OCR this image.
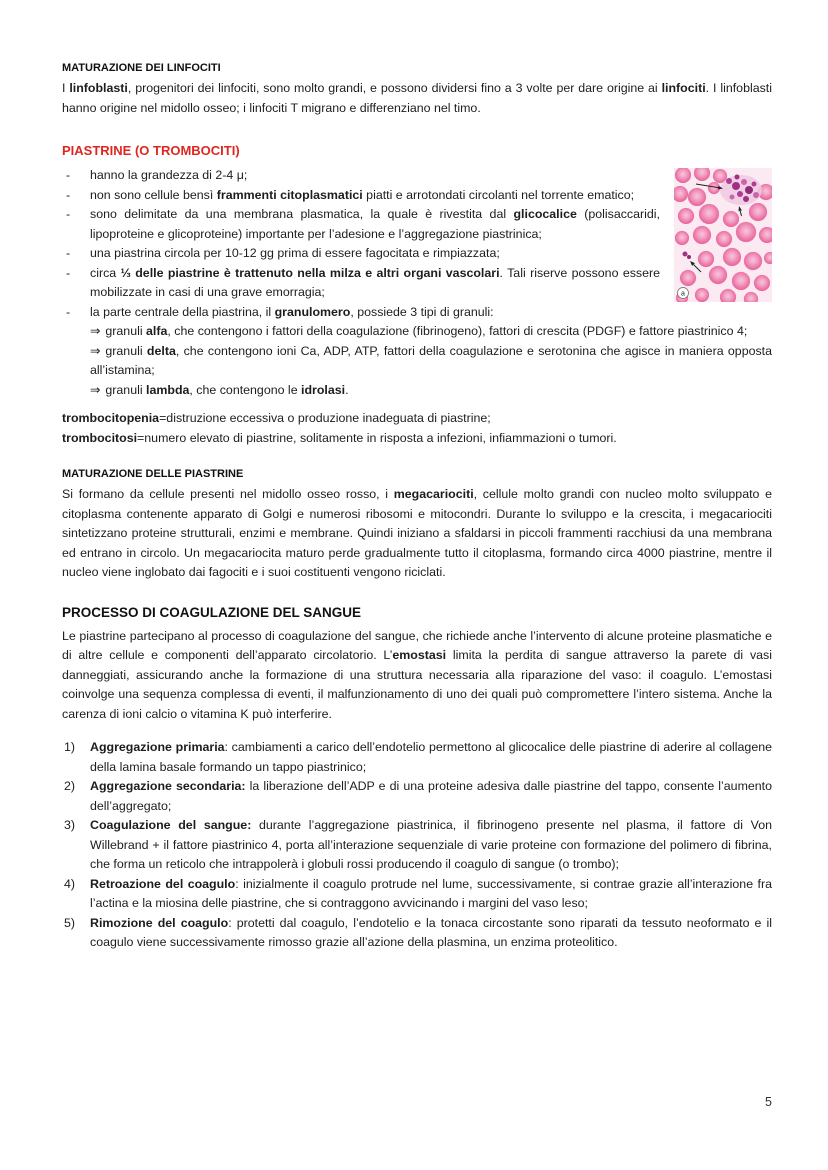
MATURAZIONE DEI LINFOCITI

I linfoblasti, progenitori dei linfociti, sono molto grandi, e possono dividersi fino a 3 volte per dare origine ai linfociti. I linfoblasti hanno origine nel midollo osseo; i linfociti T migrano e differenziano nel timo.

PIASTRINE (O TROMBOCITI)
a
- hanno la grandezza di 2-4 μ;
- non sono cellule bensì frammenti citoplasmatici piatti e arrotondati circolanti nel torrente ematico;
- sono delimitate da una membrana plasmatica, la quale è rivestita dal glicocalice (polisaccaridi, lipoproteine e glicoproteine) importante per l’adesione e l’aggregazione piastrinica;
- una piastrina circola per 10-12 gg prima di essere fagocitata e rimpiazzata;
- circa ⅓ delle piastrine è trattenuto nella milza e altri organi vascolari. Tali riserve possono essere mobilizzate in casi di una grave emorragia;
- la parte centrale della piastrina, il granulomero, possiede 3 tipi di granuli:
⇒ granuli alfa, che contengono i fattori della coagulazione (fibrinogeno), fattori di crescita (PDGF) e fattore piastrinico 4;
⇒ granuli delta, che contengono ioni Ca, ADP, ATP, fattori della coagulazione e serotonina che agisce in maniera opposta all’istamina;
⇒ granuli lambda, che contengono le idrolasi.

trombocitopenia=distruzione eccessiva o produzione inadeguata di piastrine;

trombocitosi=numero elevato di piastrine, solitamente in risposta a infezioni, infiammazioni o tumori.

MATURAZIONE DELLE PIASTRINE

Si formano da cellule presenti nel midollo osseo rosso, i megacariociti, cellule molto grandi con nucleo molto sviluppato e citoplasma contenente apparato di Golgi e numerosi ribosomi e mitocondri. Durante lo sviluppo e la crescita, i megacariociti sintetizzano proteine strutturali, enzimi e membrane. Quindi iniziano a sfaldarsi in piccoli frammenti racchiusi da una membrana ed entrano in circolo. Un megacariocita maturo perde gradualmente tutto il citoplasma, formando circa 4000 piastrine, mentre il nucleo viene inglobato dai fagociti e i suoi costituenti vengono riciclati.

PROCESSO DI COAGULAZIONE DEL SANGUE

Le piastrine partecipano al processo di coagulazione del sangue, che richiede anche l’intervento di alcune proteine plasmatiche e di altre cellule e componenti dell’apparato circolatorio. L’emostasi limita la perdita di sangue attraverso la parete di vasi danneggiati, assicurando anche la formazione di una struttura necessaria alla riparazione del vaso: il coagulo. L’emostasi coinvolge una sequenza complessa di eventi, il malfunzionamento di uno dei quali può compromettere l’intero sistema. Anche la carenza di ioni calcio o vitamina K può interferire.

1) Aggregazione primaria: cambiamenti a carico dell’endotelio permettono al glicocalice delle piastrine di aderire al collagene della lamina basale formando un tappo piastrinico;
2) Aggregazione secondaria: la liberazione dell’ADP e di una proteine adesiva dalle piastrine del tappo, consente l’aumento dell’aggregato;
3) Coagulazione del sangue: durante l’aggregazione piastrinica, il fibrinogeno presente nel plasma, il fattore di Von Willebrand + il fattore piastrinico 4, porta all’interazione sequenziale di varie proteine con formazione del polimero di fibrina, che forma un reticolo che intrappolerà i globuli rossi producendo il coagulo di sangue (o trombo);
4) Retroazione del coagulo: inizialmente il coagulo protrude nel lume, successivamente, si contrae grazie all’interazione fra l’actina e la miosina delle piastrine, che si contraggono avvicinando i margini del vaso leso;
5) Rimozione del coagulo: protetti dal coagulo, l’endotelio e la tonaca circostante sono riparati da tessuto neoformato e il coagulo viene successivamente rimosso grazie all’azione della plasmina, un enzima proteolitico.
5
